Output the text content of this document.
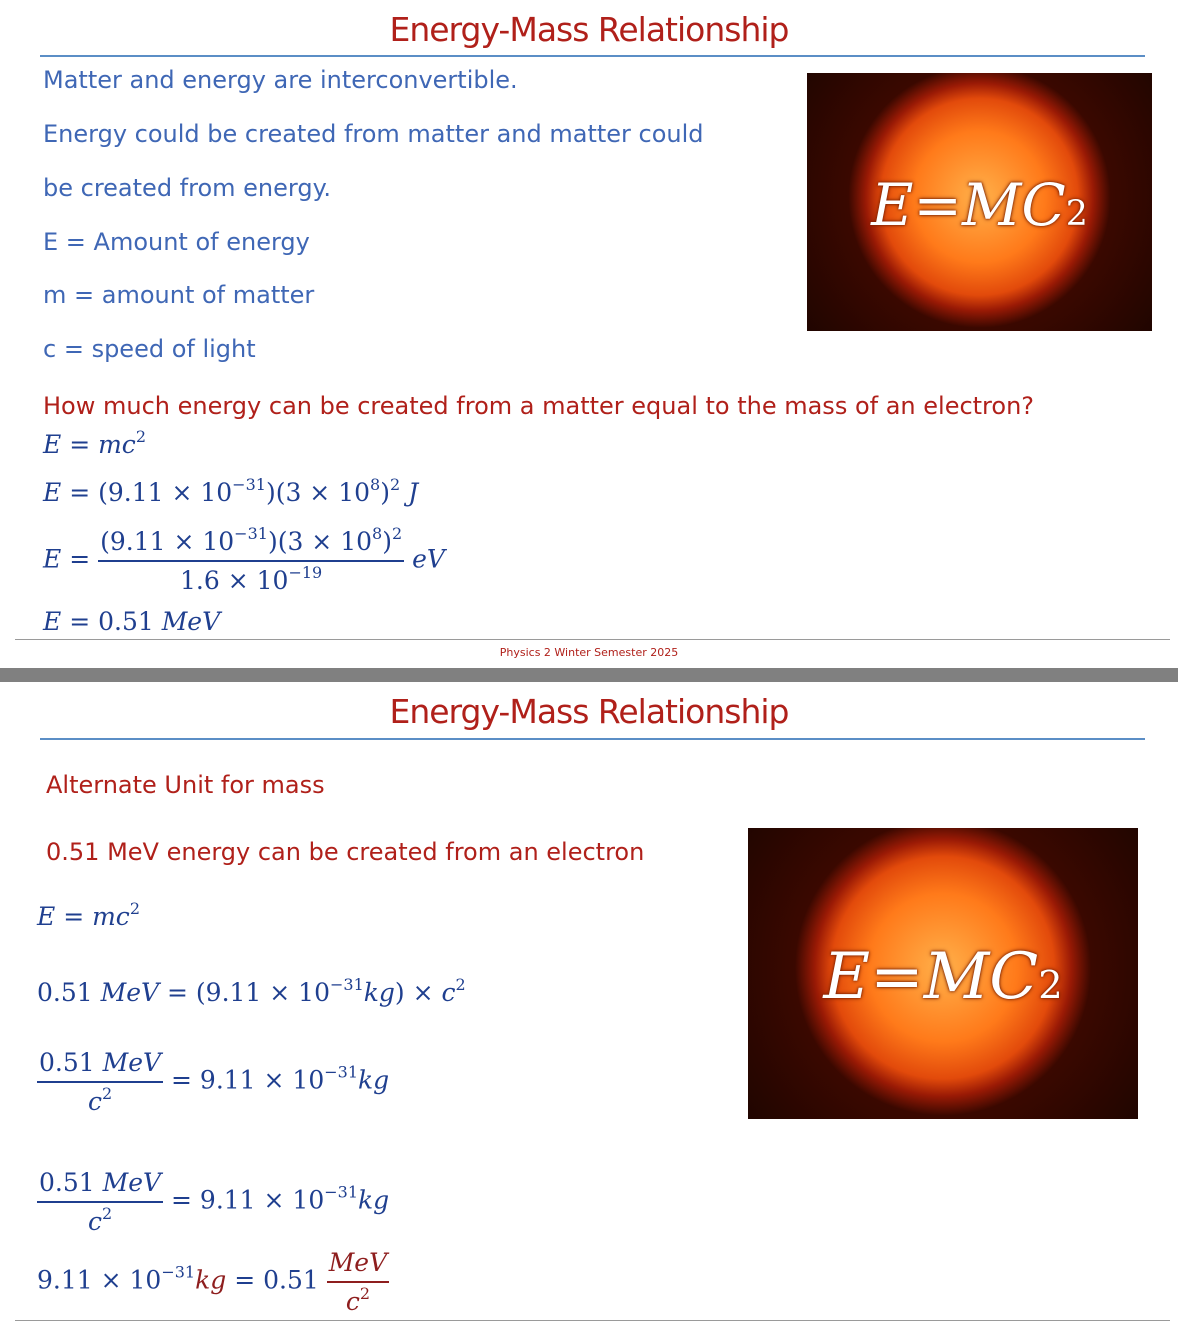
Energy-Mass Relationship
Matter and energy are interconvertible.
Energy could be created from matter and matter could
be created from energy.
E = Amount of energy
m = amount of matter
c = speed of light
$E=MC^2$
How much energy can be created from a matter equal to the mass of an electron?
$E = mc^2$
$E = (9.11 \times 10^{-31})(3 \times 10^8)^2$ J
$E = \frac{(9.11 \times 10^{-31})(3 \times 10^8)^2}{1.6 \times 10^{-19}}$ eV
E = 0.51 MeV
Physics 2 Winter Semester 2025
Energy-Mass Relationship
Alternate Unit for mass
0.51 MeV energy can be created from an electron
$E=MC^2$
$E = mc^2$
0.51 MeV = $(9.11 \times 10^{-31}kg) \times c^2$
$\frac{\text{0.51 MeV}}{c^2} = 9.11 \times 10^{-31}kg$
$\frac{\text{0.51 MeV}}{c^2} = 9.11 \times 10^{-31}kg$
$9.11 \times 10^{-31}kg = 0.51 \frac{\text{MeV}}{c^2}$
